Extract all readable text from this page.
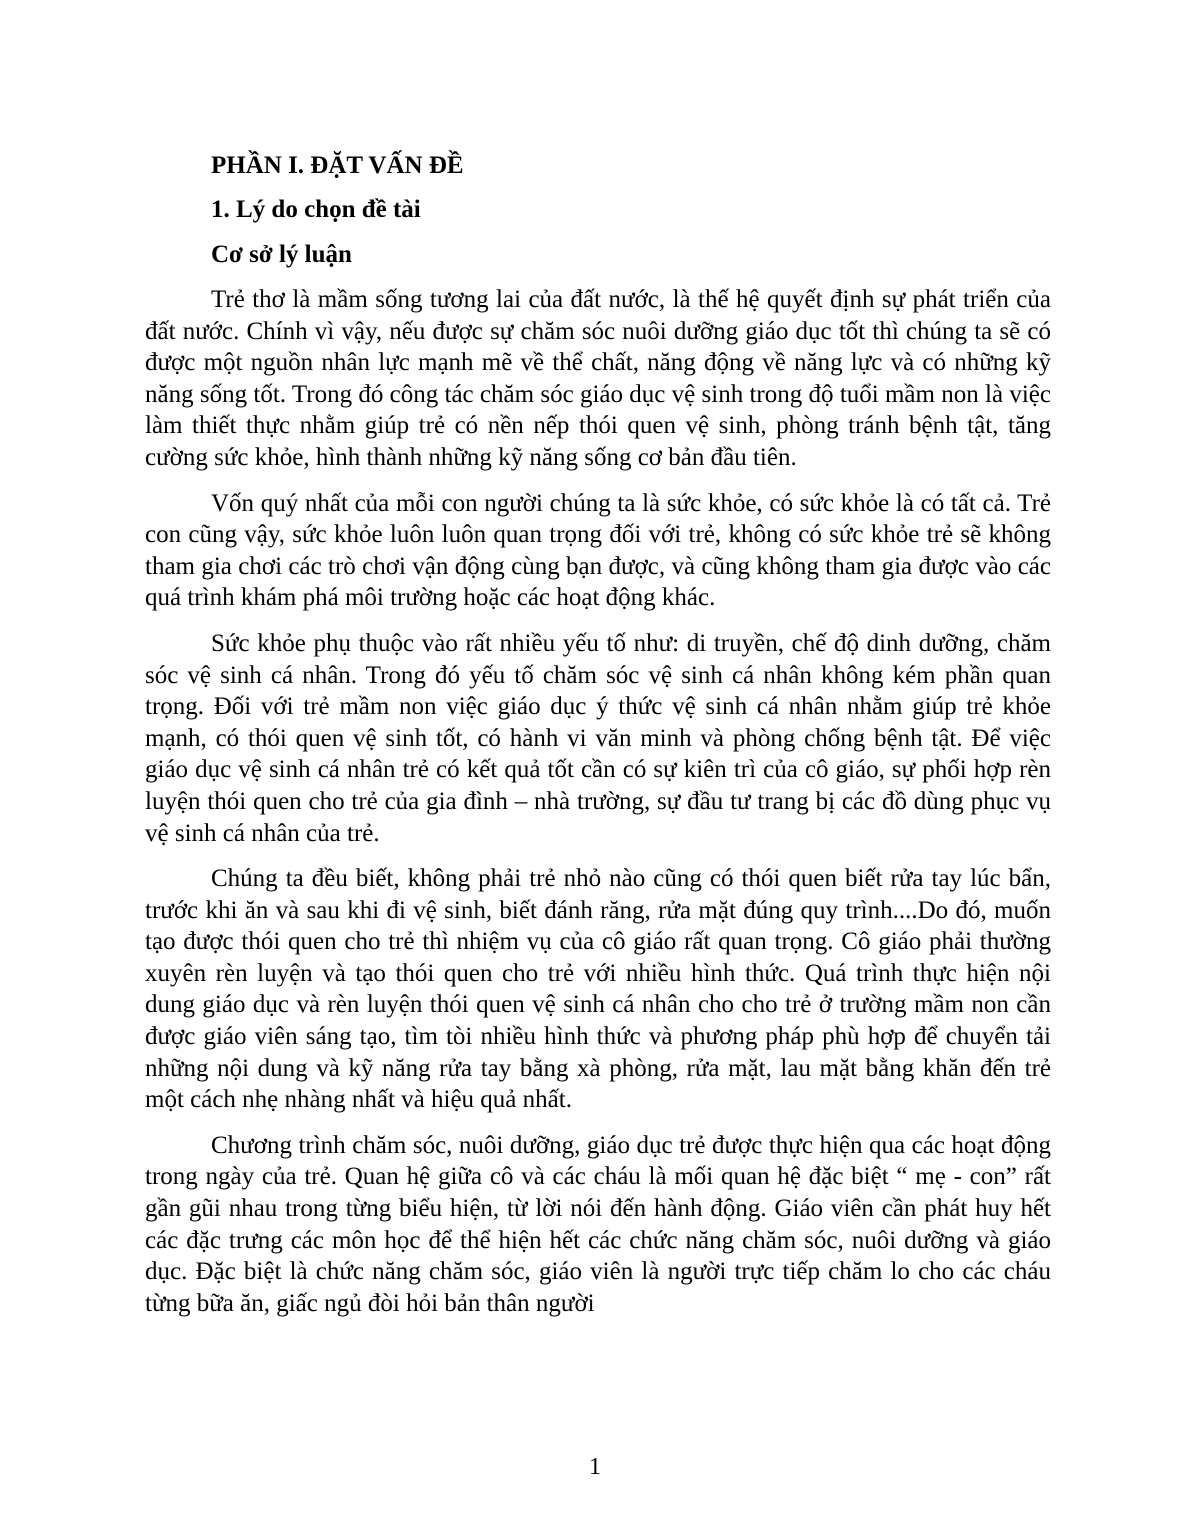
PHẦN I. ĐẶT VẤN ĐỀ
1. Lý do chọn đề tài
Cơ sở lý luận

Trẻ thơ là mầm sống tương lai của đất nước, là thế hệ quyết định sự phát triển của đất nước. Chính vì vậy, nếu được sự chăm sóc nuôi dưỡng giáo dục tốt thì chúng ta sẽ có được một nguồn nhân lực mạnh mẽ về thể chất, năng động về năng lực và có những kỹ năng sống tốt. Trong đó công tác chăm sóc giáo dục vệ sinh trong độ tuổi mầm non là việc làm thiết thực nhằm giúp trẻ có nền nếp thói quen vệ sinh, phòng tránh bệnh tật, tăng cường sức khỏe, hình thành những kỹ năng sống cơ bản đầu tiên.

Vốn quý nhất của mỗi con người chúng ta là sức khỏe, có sức khỏe là có tất cả. Trẻ con cũng vậy, sức khỏe luôn luôn quan trọng đối với trẻ, không có sức khỏe trẻ sẽ không tham gia chơi các trò chơi vận động cùng bạn được, và cũng không tham gia được vào các quá trình khám phá môi trường hoặc các hoạt động khác.

Sức khỏe phụ thuộc vào rất nhiều yếu tố như: di truyền, chế độ dinh dưỡng, chăm sóc vệ sinh cá nhân. Trong đó yếu tố chăm sóc vệ sinh cá nhân không kém phần quan trọng. Đối với trẻ mầm non việc giáo dục ý thức vệ sinh cá nhân nhằm giúp trẻ khỏe mạnh, có thói quen vệ sinh tốt, có hành vi văn minh và phòng chống bệnh tật. Để việc giáo dục vệ sinh cá nhân trẻ có kết quả tốt cần có sự kiên trì của cô giáo, sự phối hợp rèn luyện thói quen cho trẻ của gia đình – nhà trường, sự đầu tư trang bị các đồ dùng phục vụ vệ sinh cá nhân của trẻ.

Chúng ta đều biết, không phải trẻ nhỏ nào cũng có thói quen biết rửa tay lúc bẩn, trước khi ăn và sau khi đi vệ sinh, biết đánh răng, rửa mặt đúng quy trình....Do đó, muốn tạo được thói quen cho trẻ thì nhiệm vụ của cô giáo rất quan trọng. Cô giáo phải thường xuyên rèn luyện và tạo thói quen cho trẻ với nhiều hình thức. Quá trình thực hiện nội dung giáo dục và rèn luyện thói quen vệ sinh cá nhân cho cho trẻ ở trường mầm non cần được giáo viên sáng tạo, tìm tòi nhiều hình thức và phương pháp phù hợp để chuyển tải những nội dung và kỹ năng rửa tay bằng xà phòng, rửa mặt, lau mặt bằng khăn đến trẻ một cách nhẹ nhàng nhất và hiệu quả nhất.

Chương trình chăm sóc, nuôi dưỡng, giáo dục trẻ được thực hiện qua các hoạt động trong ngày của trẻ. Quan hệ giữa cô và các cháu là mối quan hệ đặc biệt “ mẹ - con” rất gần gũi nhau trong từng biểu hiện, từ lời nói đến hành động. Giáo viên cần phát huy hết các đặc trưng các môn học để thể hiện hết các chức năng chăm sóc, nuôi dưỡng và giáo dục. Đặc biệt là chức năng chăm sóc, giáo viên là người trực tiếp chăm lo cho các cháu từng bữa ăn, giấc ngủ đòi hỏi bản thân người

1
